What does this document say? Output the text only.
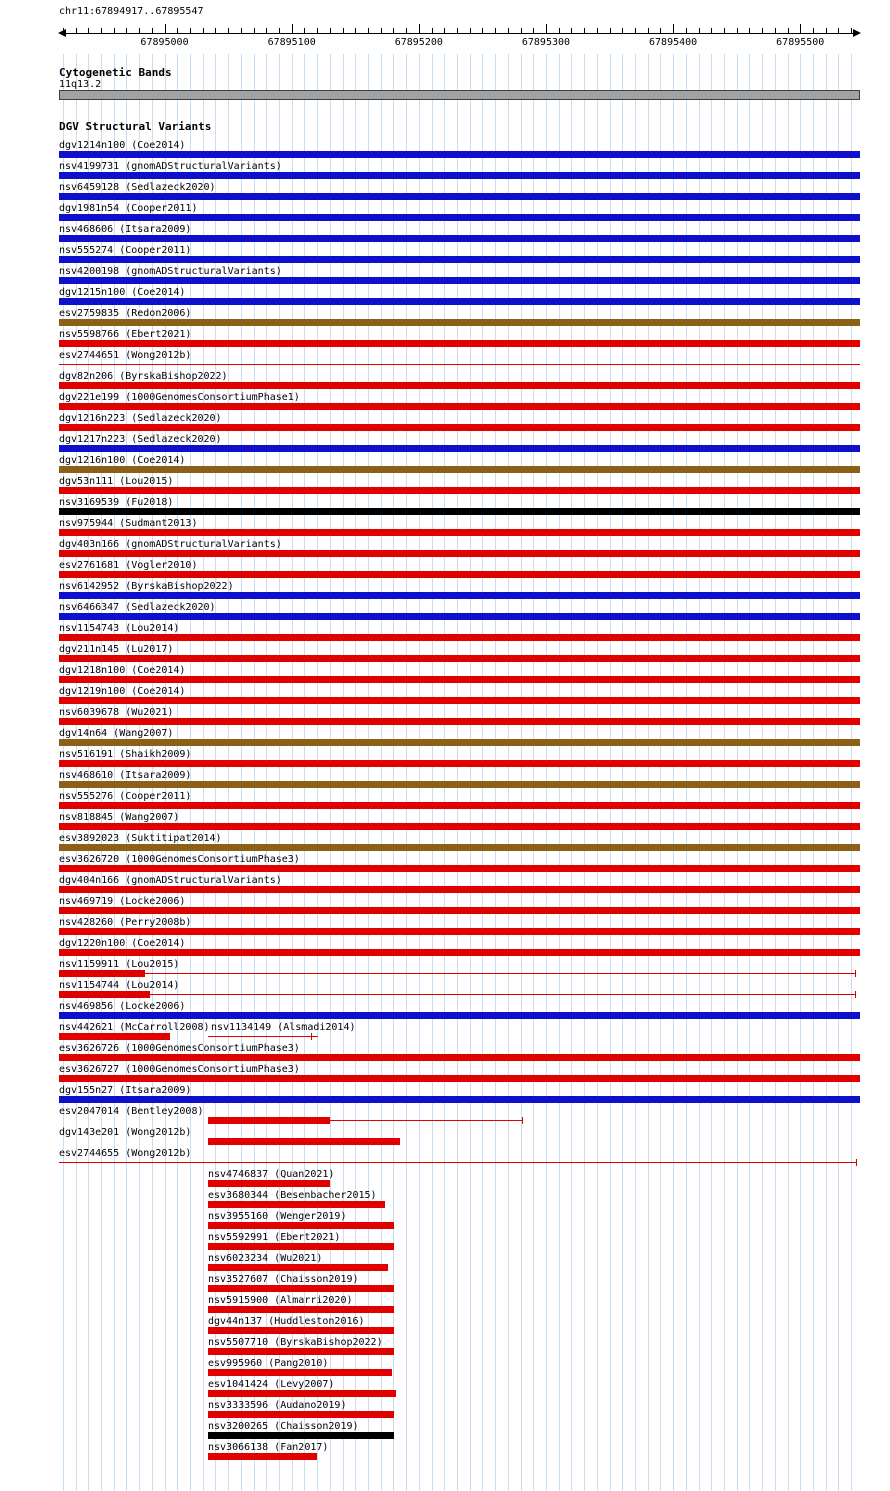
chr11:67894917..67895547
67895000	67895100	67895200	67895300	67895400	67895500
Cytogenetic Bands
11q13.2
DGV Structural Variants
dgv1214n100 (Coe2014)
nsv4199731 (gnomADStructuralVariants)
nsv6459128 (Sedlazeck2020)
dgv1981n54 (Cooper2011)
nsv468606 (Itsara2009)
nsv555274 (Cooper2011)
nsv4200198 (gnomADStructuralVariants)
dgv1215n100 (Coe2014)
esv2759835 (Redon2006)
nsv5598766 (Ebert2021)
esv2744651 (Wong2012b)
dgv82n206 (ByrskaBishop2022)
dgv221e199 (1000GenomesConsortiumPhase1)
dgv1216n223 (Sedlazeck2020)
dgv1217n223 (Sedlazeck2020)
dgv1216n100 (Coe2014)
dgv53n111 (Lou2015)
nsv3169539 (Fu2018)
nsv975944 (Sudmant2013)
dgv403n166 (gnomADStructuralVariants)
esv2761681 (Vogler2010)
nsv6142952 (ByrskaBishop2022)
nsv6466347 (Sedlazeck2020)
nsv1154743 (Lou2014)
dgv211n145 (Lu2017)
dgv1218n100 (Coe2014)
dgv1219n100 (Coe2014)
nsv6039678 (Wu2021)
dgv14n64 (Wang2007)
nsv516191 (Shaikh2009)
nsv468610 (Itsara2009)
nsv555276 (Cooper2011)
nsv818845 (Wang2007)
esv3892023 (Suktitipat2014)
esv3626720 (1000GenomesConsortiumPhase3)
dgv404n166 (gnomADStructuralVariants)
nsv469719 (Locke2006)
nsv428260 (Perry2008b)
dgv1220n100 (Coe2014)
nsv1159911 (Lou2015)
nsv1154744 (Lou2014)
nsv469856 (Locke2006)
nsv442621 (McCarroll2008) nsv1134149 (Alsmadi2014)
esv3626726 (1000GenomesConsortiumPhase3)
esv3626727 (1000GenomesConsortiumPhase3)
dgv155n27 (Itsara2009)
esv2047014 (Bentley2008)
dgv143e201 (Wong2012b)
esv2744655 (Wong2012b)
nsv4746837 (Quan2021)
esv3680344 (Besenbacher2015)
nsv3955160 (Wenger2019)
nsv5592991 (Ebert2021)
nsv6023234 (Wu2021)
nsv3527607 (Chaisson2019)
nsv5915900 (Almarri2020)
dgv44n137 (Huddleston2016)
nsv5507710 (ByrskaBishop2022)
esv995960 (Pang2010)
esv1041424 (Levy2007)
nsv3333596 (Audano2019)
nsv3200265 (Chaisson2019)
nsv3066138 (Fan2017)
